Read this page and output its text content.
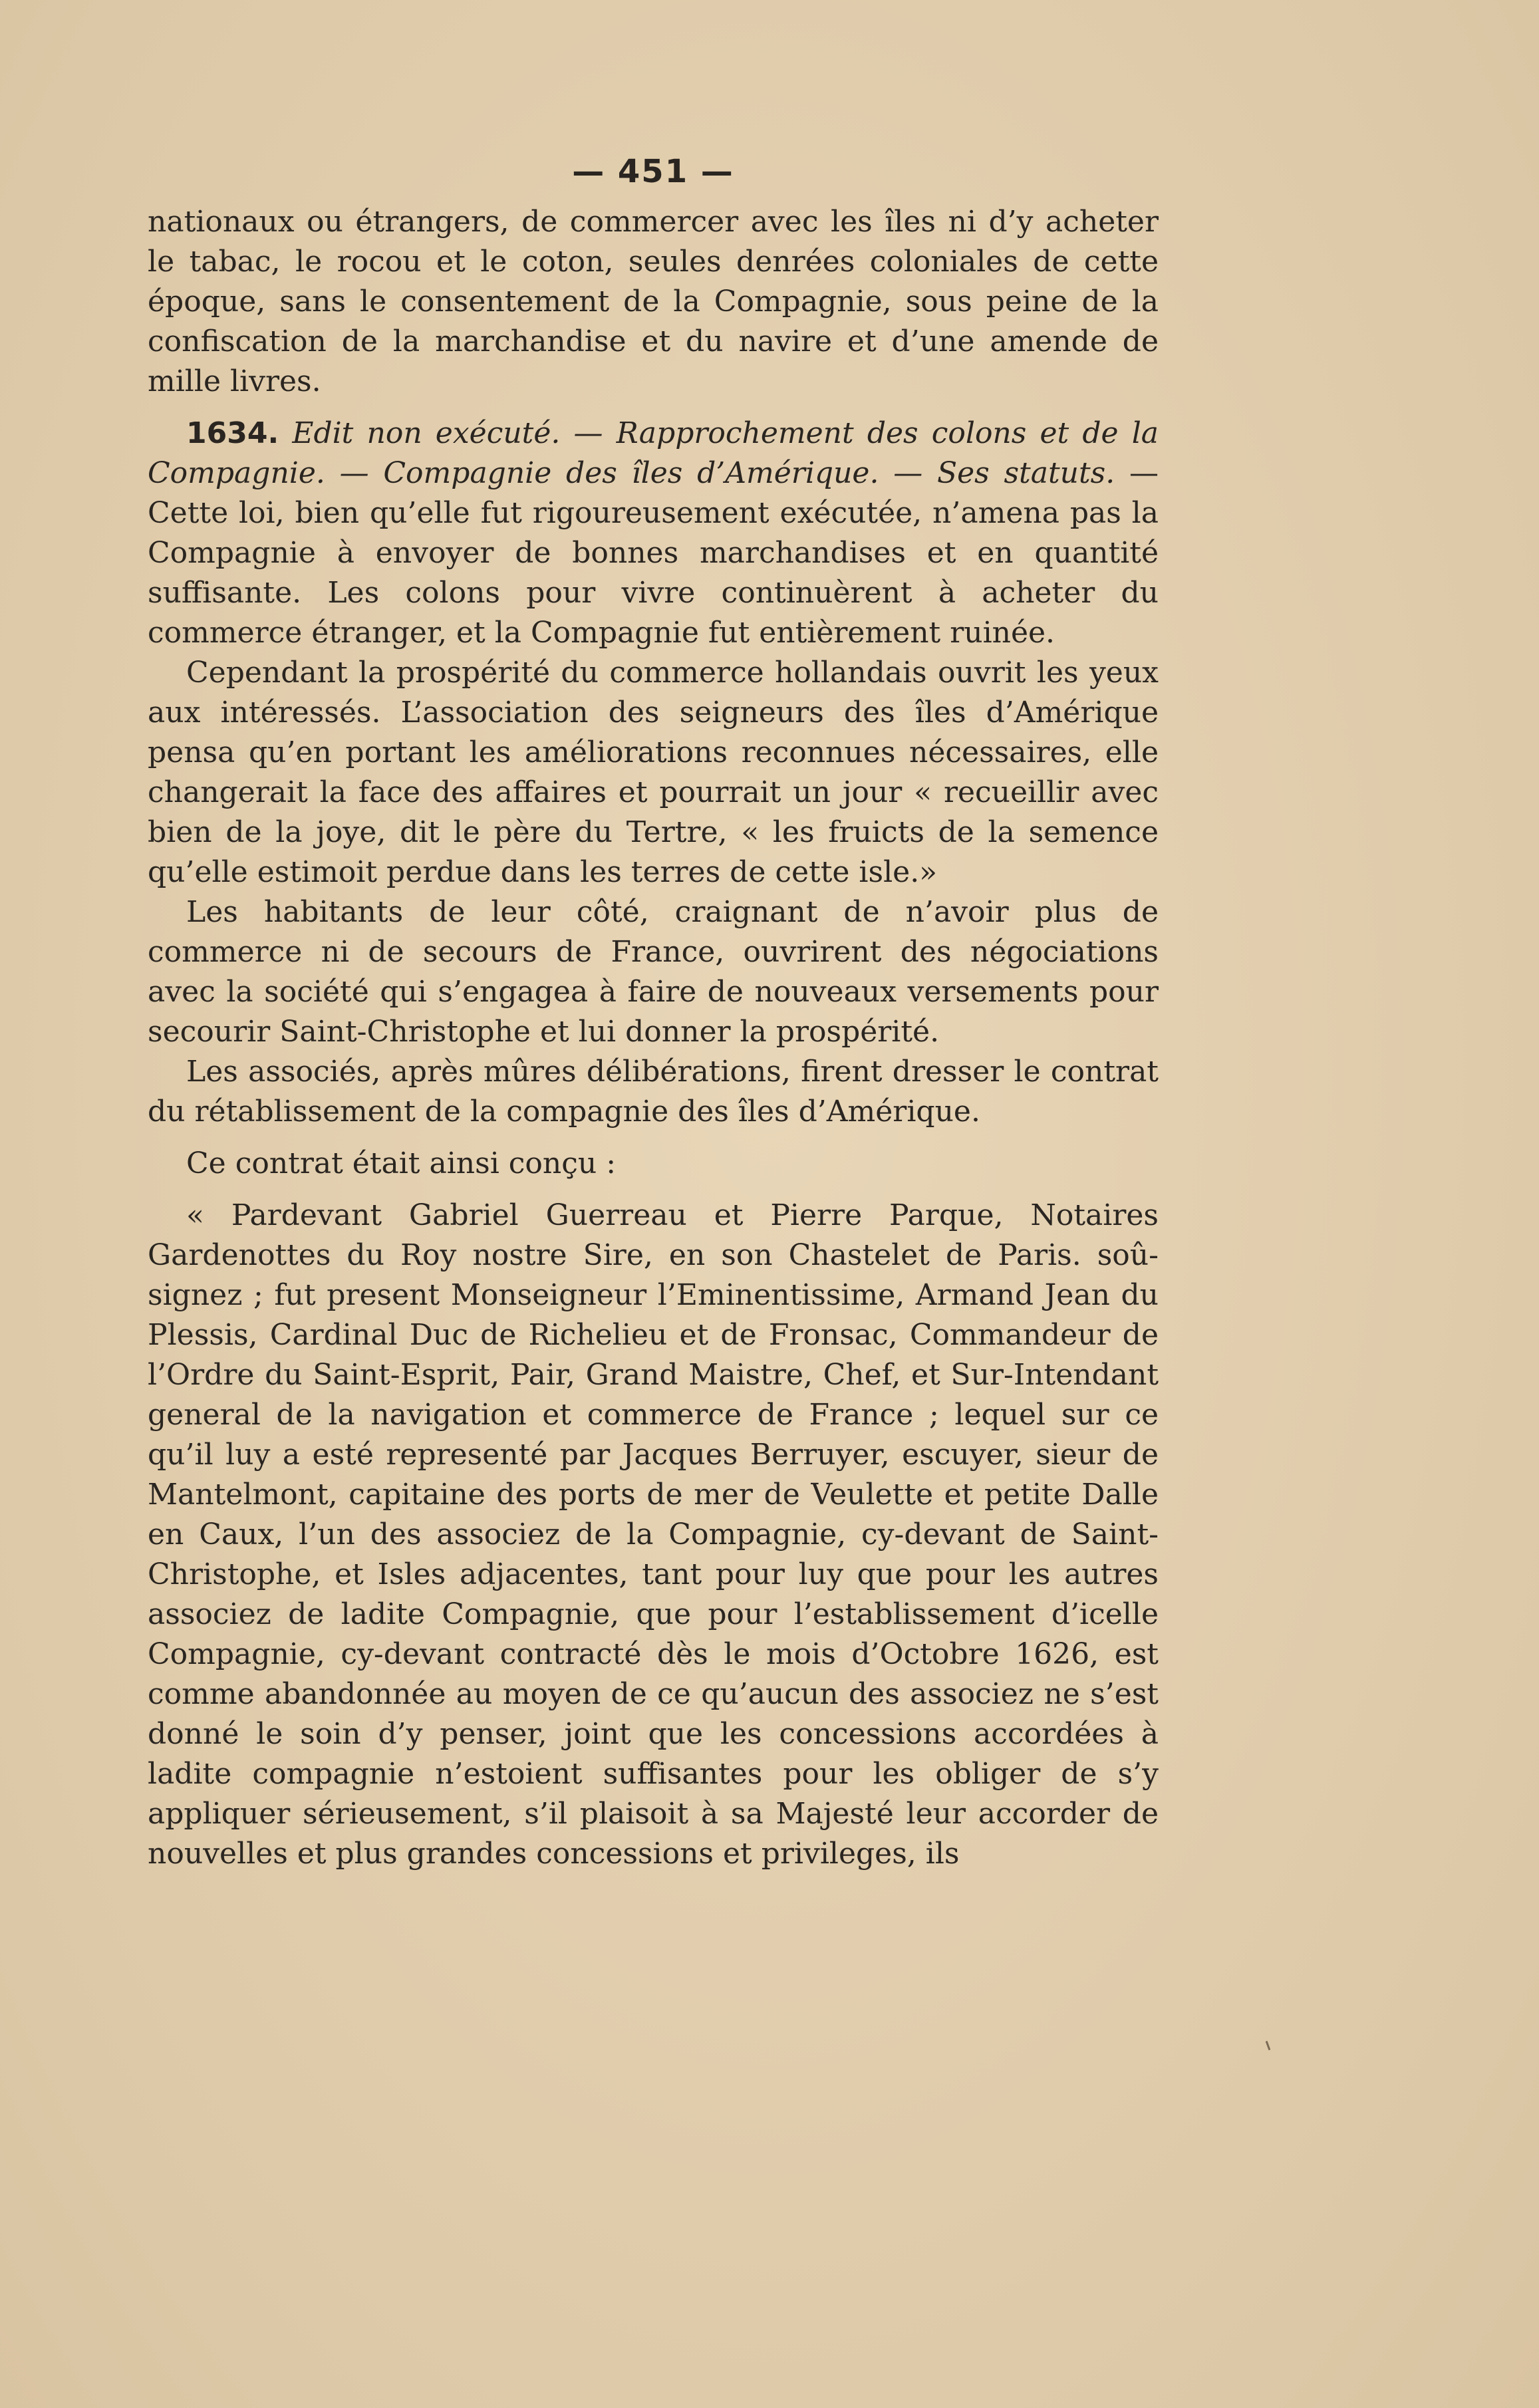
— 451 —

nationaux ou étrangers, de commercer avec les îles ni d’y acheter le tabac, le rocou et le coton, seules denrées coloniales de cette époque, sans le consentement de la Compagnie, sous peine de la confiscation de la marchandise et du navire et d’une amende de mille livres.

1634. Edit non exécuté. — Rapprochement des colons et de la Compagnie. — Compagnie des îles d’Amérique. — Ses statuts. — Cette loi, bien qu’elle fut rigoureusement exécutée, n’amena pas la Compagnie à envoyer de bonnes marchandises et en quantité suffisante. Les colons pour vivre continuèrent à acheter du commerce étranger, et la Compagnie fut entièrement ruinée.

Cependant la prospérité du commerce hollandais ouvrit les yeux aux intéressés. L’association des seigneurs des îles d’Amérique pensa qu’en portant les améliorations reconnues nécessaires, elle changerait la face des affaires et pourrait un jour « recueillir avec bien de la joye, dit le père du Tertre, « les fruicts de la semence qu’elle estimoit perdue dans les terres de cette isle.»

Les habitants de leur côté, craignant de n’avoir plus de commerce ni de secours de France, ouvrirent des négociations avec la société qui s’engagea à faire de nouveaux versements pour secourir Saint-Christophe et lui donner la prospérité.

Les associés, après mûres délibérations, firent dresser le contrat du rétablissement de la compagnie des îles d’Amérique.

Ce contrat était ainsi conçu :

« Pardevant Gabriel Guerreau et Pierre Parque, Notaires Gardenottes du Roy nostre Sire, en son Chastelet de Paris. soû-signez ; fut present Monseigneur l’Eminentissime, Armand Jean du Plessis, Cardinal Duc de Richelieu et de Fronsac, Commandeur de l’Ordre du Saint-Esprit, Pair, Grand Maistre, Chef, et Sur-Intendant general de la navigation et commerce de France ; lequel sur ce qu’il luy a esté representé par Jacques Berruyer, escuyer, sieur de Mantelmont, capitaine des ports de mer de Veulette et petite Dalle en Caux, l’un des associez de la Compagnie, cy-devant de Saint-Christophe, et Isles adjacentes, tant pour luy que pour les autres associez de ladite Compagnie, que pour l’establissement d’icelle Compagnie, cy-devant contracté dès le mois d’Octobre 1626, est comme abandonnée au moyen de ce qu’aucun des associez ne s’est donné le soin d’y penser, joint que les concessions accordées à ladite compagnie n’estoient suffisantes pour les obliger de s’y appliquer sérieusement, s’il plaisoit à sa Majesté leur accorder de nouvelles et plus grandes concessions et privileges, ils
